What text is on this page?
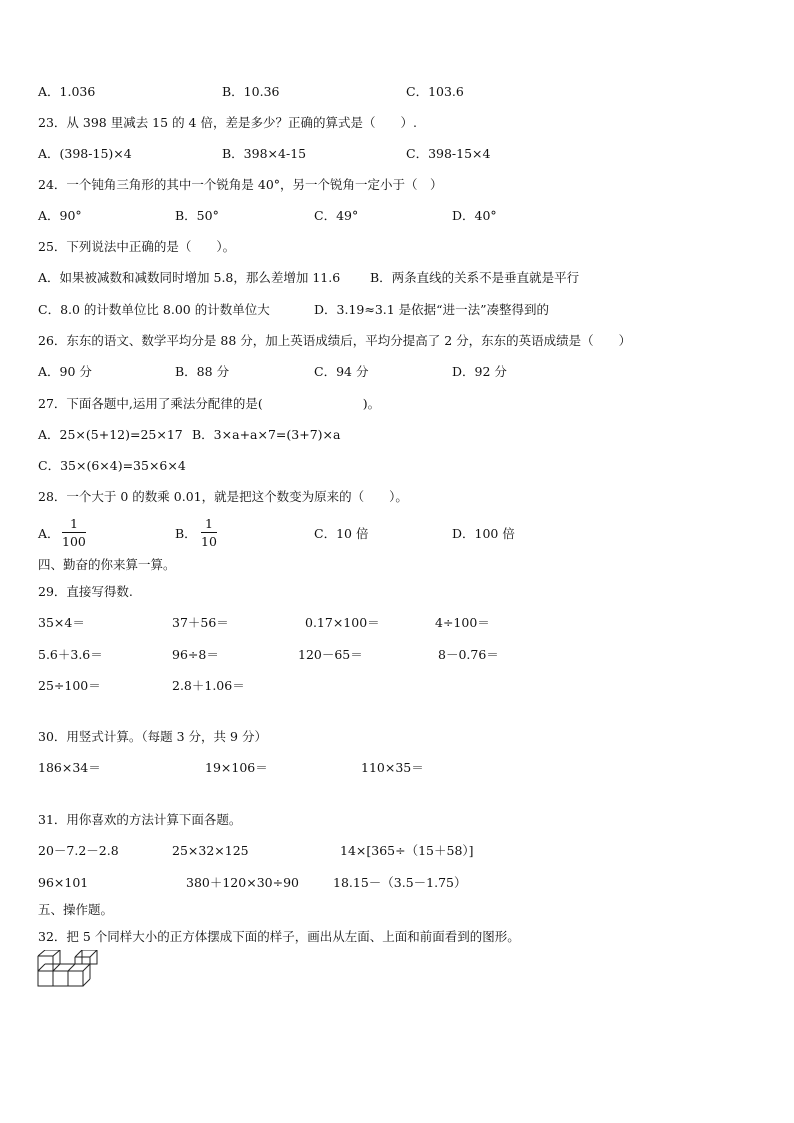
A．1.036	B．10.36	C．103.6
23．从 398 里减去 15 的 4 倍，差是多少？正确的算式是（　　）.
A．(398-15)×4	B．398×4-15	C．398-15×4
24．一个钝角三角形的其中一个锐角是 40°，另一个锐角一定小于（　）
A．90°	B．50°	C．49°	D．40°
25．下列说法中正确的是（　　）。
A．如果被减数和减数同时增加 5.8，那么差增加 11.6 B．两条直线的关系不是垂直就是平行
C．8.0 的计数单位比 8.00 的计数单位大	D．3.19≈3.1 是依据“进一法”凑整得到的
26．东东的语文、数学平均分是 88 分，加上英语成绩后，平均分提高了 2 分，东东的英语成绩是（　　）
A．90 分	B．88 分	C．94 分	D．92 分
27．下面各题中,运用了乘法分配律的是(　　　　　　　　)。
A．25×(5+12)=25×17 B．3×a+a×7=(3+7)×a
C．35×(6×4)=35×6×4
28．一个大于 0 的数乘 0.01，就是把这个数变为原来的（　　）。
A．	B．	C．10 倍	D．100 倍
四、勤奋的你来算一算。
29．直接写得数.
35×4＝	37＋56＝	0.17×100＝	4÷100＝
5.6＋3.6＝	96÷8＝	120－65＝	8－0.76＝
25÷100＝	2.8＋1.06＝
30．用竖式计算。（每题 3 分，共 9 分）
186×34＝	19×106＝	110×35＝
31．用你喜欢的方法计算下面各题。
20－7.2－2.8	25×32×125	14×[365÷（15＋58）]
96×101	380＋120×30÷90	18.15－（3.5－1.75）
五、操作题。
32．把 5 个同样大小的正方体摆成下面的样子，画出从左面、上面和前面看到的图形。
1
100
1
10
